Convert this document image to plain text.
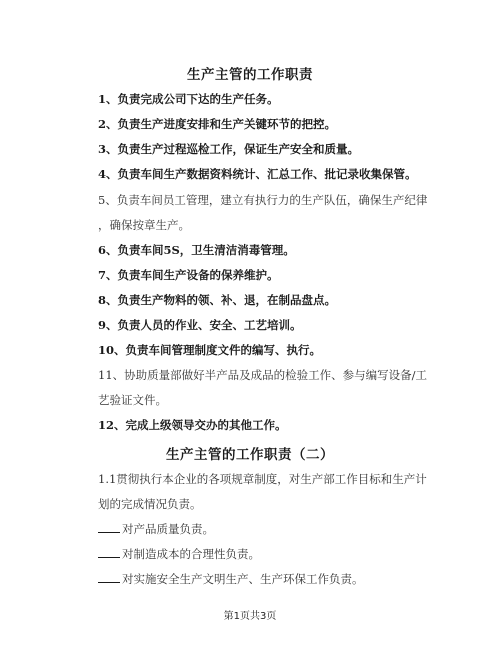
生产主管的工作职责
1、负责完成公司下达的生产任务。
2、负责生产进度安排和生产关键环节的把控。
3、负责生产过程巡检工作，保证生产安全和质量。
4、负责车间生产数据资料统计、汇总工作、批记录收集保管。
5、负责车间员工管理，建立有执行力的生产队伍，确保生产纪律
，确保按章生产。
6、负责车间5S，卫生清洁消毒管理。
7、负责车间生产设备的保养维护。
8、负责生产物料的领、补、退，在制品盘点。
9、负责人员的作业、安全、工艺培训。
10、负责车间管理制度文件的编写、执行。
11、协助质量部做好半产品及成品的检验工作、参与编写设备/工
艺验证文件。
12、完成上级领导交办的其他工作。
生产主管的工作职责（二）
1.1贯彻执行本企业的各项规章制度，对生产部工作目标和生产计
划的完成情况负责。
对产品质量负责。
对制造成本的合理性负责。
对实施安全生产文明生产、生产环保工作负责。
第1页共3页
